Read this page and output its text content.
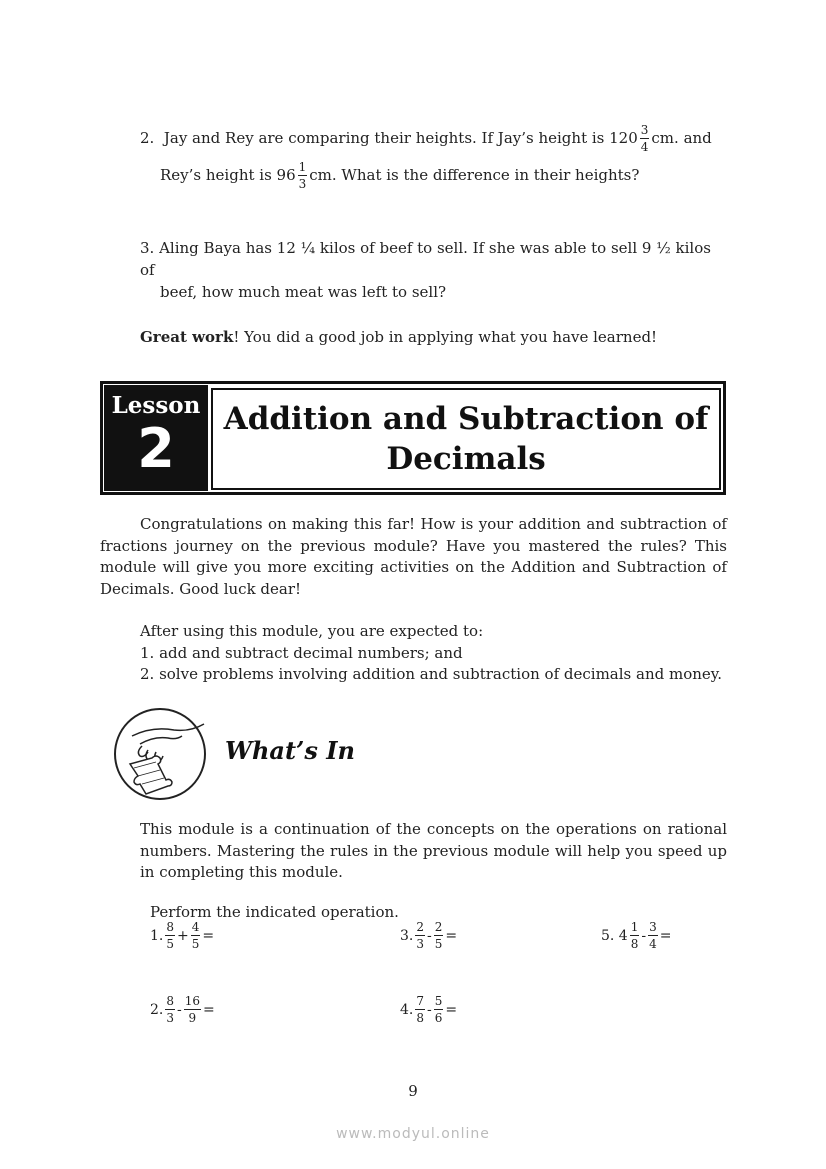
2.
Jay and Rey are comparing their heights. If Jay’s height is $120 \frac{3}{4}$ cm. and
Rey’s height is $96 \frac{1}{3}$ cm. What is the difference in their heights?
3. Aling Baya has 12 ¼ kilos of beef to sell. If she was able to sell 9 ½ kilos of
beef, how much meat was left to sell?
Great work! You did a good job in applying what you have learned!
Lesson
2	Addition and Subtraction of
Decimals
Congratulations on making this far! How is your addition and subtraction of fractions journey on the previous module? Have you mastered the rules? This module will give you more exciting activities on the Addition and Subtraction of Decimals. Good luck dear!
After using this module, you are expected to:
1. add and subtract decimal numbers; and
2. solve problems involving addition and subtraction of decimals and money.
What’s In
This module is a continuation of the concepts on the operations on rational numbers. Mastering the rules in the previous module will help you speed up in completing this module.
Perform the indicated operation.
1. $\frac{8}{5} + \frac{4}{5}$ =	3. $\frac{2}{3} - \frac{2}{5}$ =	5. $4 \frac{1}{8} - \frac{3}{4}$ =
2. $\frac{8}{3} - \frac{16}{9}$ =	4. $\frac{7}{8} - \frac{5}{6}$ =
9
www.modyul.online
